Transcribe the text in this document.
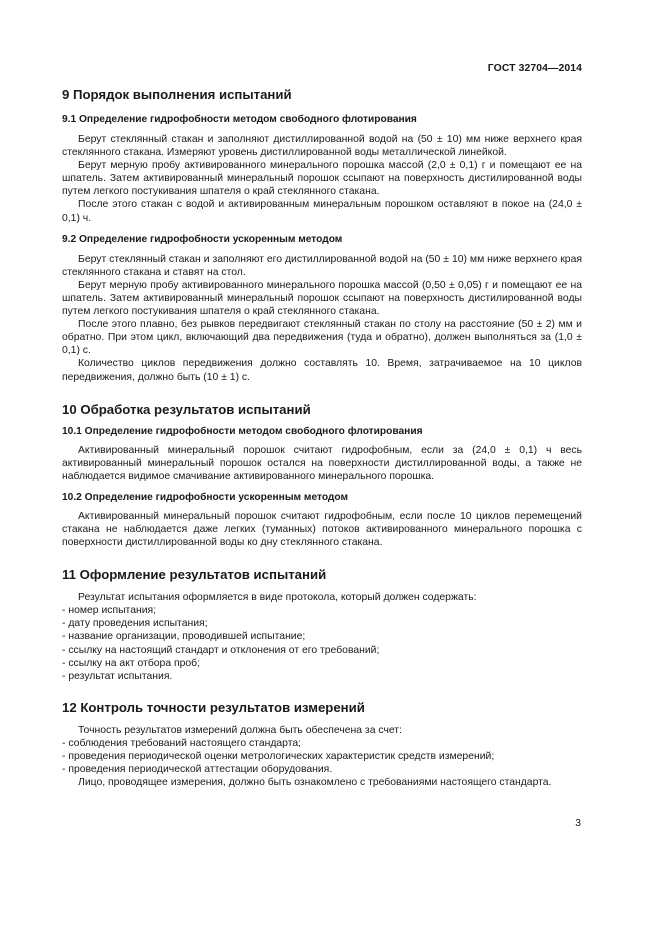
ГОСТ 32704—2014
9 Порядок выполнения испытаний
9.1 Определение гидрофобности методом свободного флотирования

Берут стеклянный стакан и заполняют дистиллированной водой на (50 ± 10) мм ниже верхнего края стеклянного стакана. Измеряют уровень дистиллированной воды металлической линейкой.

Берут мерную пробу активированного минерального порошка массой (2,0 ± 0,1) г и помещают ее на шпатель. Затем активированный минеральный порошок ссыпают на поверхность дистилированной воды путем легкого постукивания шпателя о край стеклянного стакана.

После этого стакан с водой и активированным минеральным порошком оставляют в покое на (24,0 ± 0,1) ч.

9.2 Определение гидрофобности ускоренным методом

Берут стеклянный стакан и заполняют его дистиллированной водой на (50 ± 10) мм ниже верхнего края стеклянного стакана и ставят на стол.

Берут мерную пробу активированного минерального порошка массой (0,50 ± 0,05) г и помещают ее на шпатель. Затем активированный минеральный порошок ссыпают на поверхность дистилированной воды путем легкого постукивания шпателя о край стеклянного стакана.

После этого плавно, без рывков передвигают стеклянный стакан по столу на расстояние (50 ± 2) мм и обратно. При этом цикл, включающий два передвижения (туда и обратно), должен выполняться за (1,0 ± 0,1) с.

Количество циклов передвижения должно составлять 10. Время, затрачиваемое на 10 циклов передвижения, должно быть (10 ± 1) с.

10 Обработка результатов испытаний
10.1 Определение гидрофобности методом свободного флотирования

Активированный минеральный порошок считают гидрофобным, если за (24,0 ± 0,1) ч весь активированный минеральный порошок остался на поверхности дистиллированной воды, а также не наблюдается видимое смачивание активированного минерального порошка.

10.2 Определение гидрофобности ускоренным методом

Активированный минеральный порошок считают гидрофобным, если после 10 циклов перемещений стакана не наблюдается даже легких (туманных) потоков активированного минерального порошка с поверхности дистиллированной воды ко дну стеклянного стакана.

11 Оформление результатов испытаний

Результат испытания оформляется в виде протокола, который должен содержать:

- номер испытания;
- дату проведения испытания;
- название организации, проводившей испытание;
- ссылку на настоящий стандарт и отклонения от его требований;
- ссылку на акт отбора проб;
- результат испытания.
12 Контроль точности результатов измерений

Точность результатов измерений должна быть обеспечена за счет:

- соблюдения требований настоящего стандарта;
- проведения периодической оценки метрологических характеристик средств измерений;
- проведения периодической аттестации оборудования.

Лицо, проводящее измерения, должно быть ознакомлено с требованиями настоящего стандарта.

3
